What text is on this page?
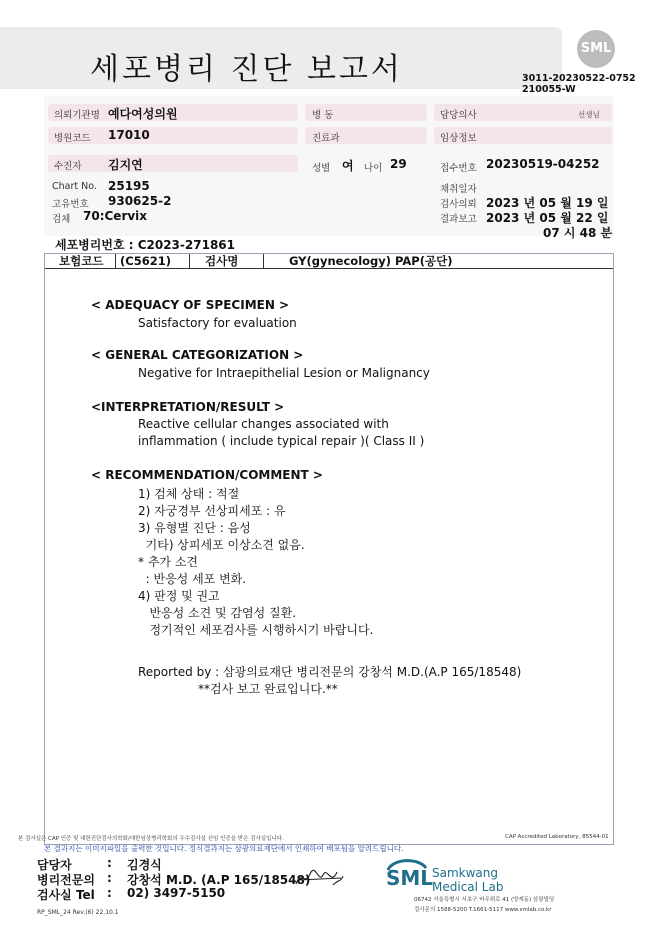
세포병리 진단 보고서
SML
3011-20230522-0752
210055-W
의뢰기관명 예다여성의원	병 동	담당의사	선생님
병원코드 17010	진료과	임상정보
수진자 김지연	성별 여 나이 29	접수번호 20230519-04252
Chart No. 25195
고유번호 930625-2
검체 70:Cervix
채취일자
검사의뢰 2023 년 05 월 19 일
결과보고 2023 년 05 월 22 일
07 시 48 분
세포병리번호 : C2023-271861
보험코드 (C5621)	검사명	GY(gynecology) PAP(공단)
< ADEQUACY OF SPECIMEN >
Satisfactory for evaluation
< GENERAL CATEGORIZATION >
Negative for Intraepithelial Lesion or Malignancy
<INTERPRETATION/RESULT >
Reactive cellular changes associated with
inflammation ( include typical repair )( Class II )
< RECOMMENDATION/COMMENT >
1) 검체 상태 : 적절
2) 자궁경부 선상피세포 : 유
3) 유형별 진단 : 음성
기타) 상피세포 이상소견 없음.
* 추가 소견
: 반응성 세포 변화.
4) 판정 및 권고
반응성 소견 및 감염성 질환.
정기적인 세포검사를 시행하시기 바랍니다.
Reported by : 삼광의료재단 병리전문의 강창석 M.D.(A.P 165/18548)
**검사 보고 완료입니다.**
본 검사실은 CAP 인증 및 대한진단검사의학회/대한임상병리학회의 우수검사실 신임 인증을 받은 검사실입니다.	CAP Accredited Laboratory, 85544-01
본 결과지는 이미지파일을 출력한 것입니다. 정식결과지는 삼광의료재단에서 인쇄하여 배포됨을 알려드립니다.
담당자	: 김경식
병리전문의 : 강창석 M.D. (A.P 165/18548)
검사실 Tel : 02) 3497-5150
RP_SML_24 Rev.(6) 22.10.1
SML
Samkwang
Medical Lab
06742 서울특별시 서초구 바우뫼로 41 (양재동) 삼광빌딩
검사문의 1588-5200 T.1661-5117 www.smlab.co.kr
